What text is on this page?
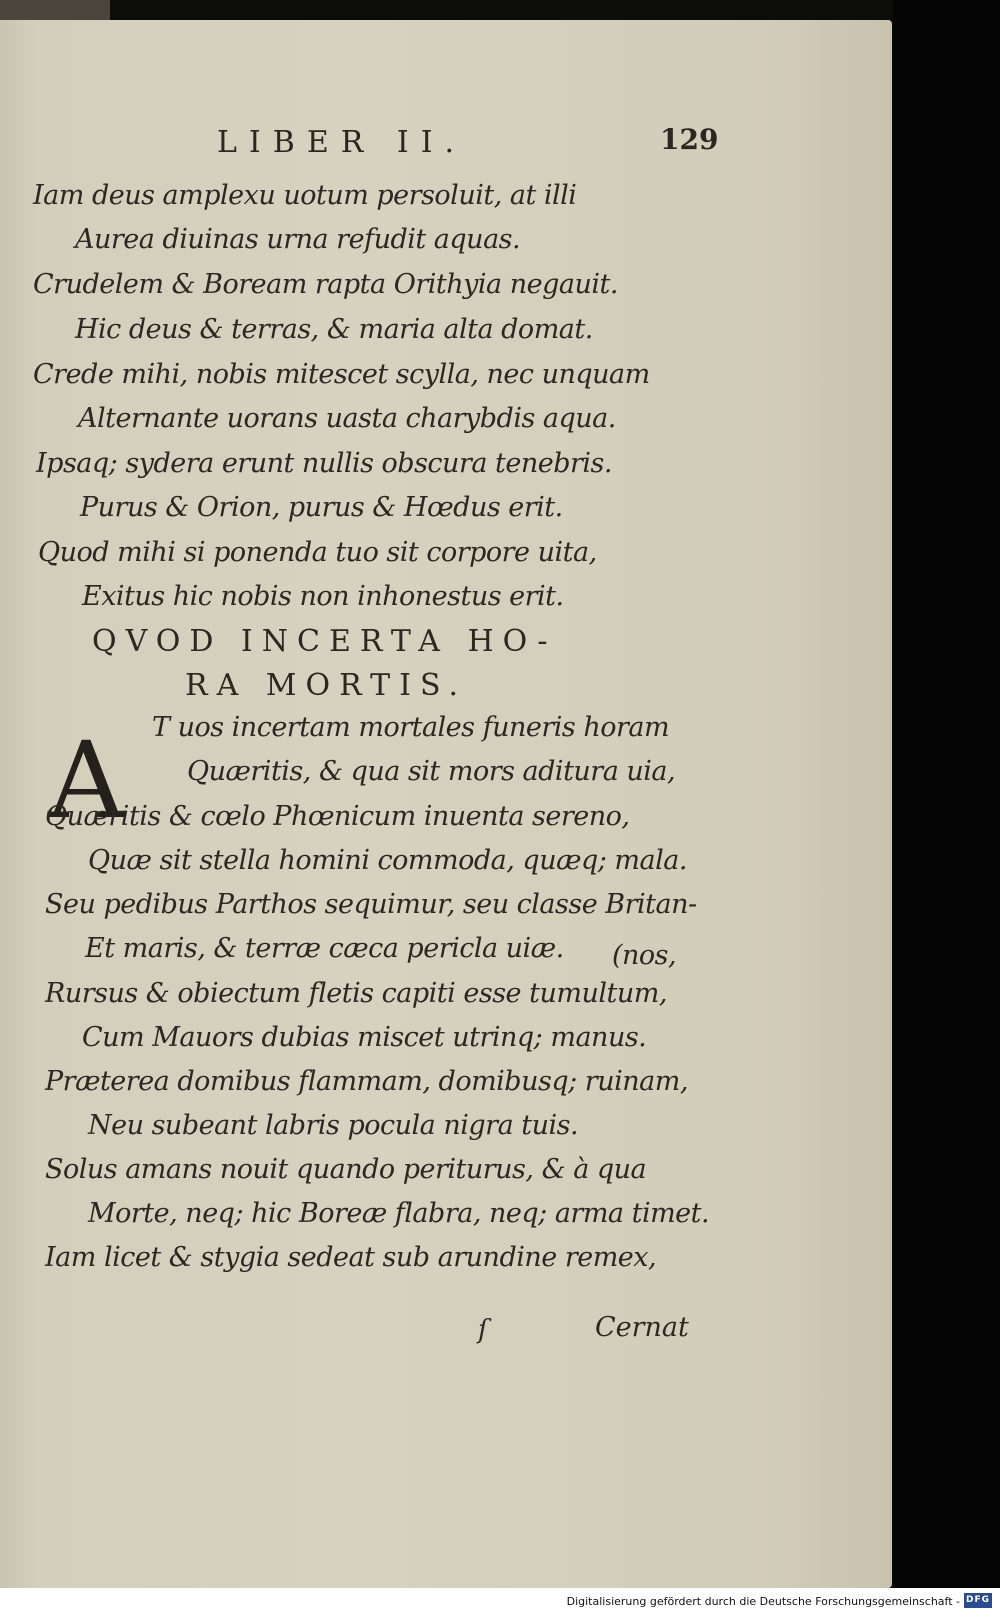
LIBER II.	129
Iam deus amplexu uotum persoluit, at illi
Aurea diuinas urna refudit aquas.
Crudelem & Boream rapta Orithyia negauit.
Hic deus & terras, & maria alta domat.
Crede mihi, nobis mitescet scylla, nec unquam
Alternante uorans uasta charybdis aqua.
Ipsaq; sydera erunt nullis obscura tenebris.
Purus & Orion, purus & Hœdus erit.
Quod mihi si ponenda tuo sit corpore uita,
Exitus hic nobis non inhonestus erit.
QVOD INCERTA HO-
RA MORTIS.
A T uos incertam mortales funeris horam
Quæritis, & qua sit mors aditura uia,
Quæritis & cœlo Phœnicum inuenta sereno,
Quæ sit stella homini commoda, quæq; mala.
Seu pedibus Parthos sequimur, seu classe Britan-
Et maris, & terræ cæca pericla uiæ. (nos,
Rursus & obiectum fletis capiti esse tumultum,
Cum Mauors dubias miscet utrinq; manus.
Præterea domibus flammam, domibusq; ruinam,
Neu subeant labris pocula nigra tuis.
Solus amans nouit quando periturus, & à qua
Morte, neq; hic Boreæ flabra, neq; arma timet.
Iam licet & stygia sedeat sub arundine remex,
ſ	Cernat
Digitalisierung gefördert durch die Deutsche Forschungsgemeinschaft - DFG
